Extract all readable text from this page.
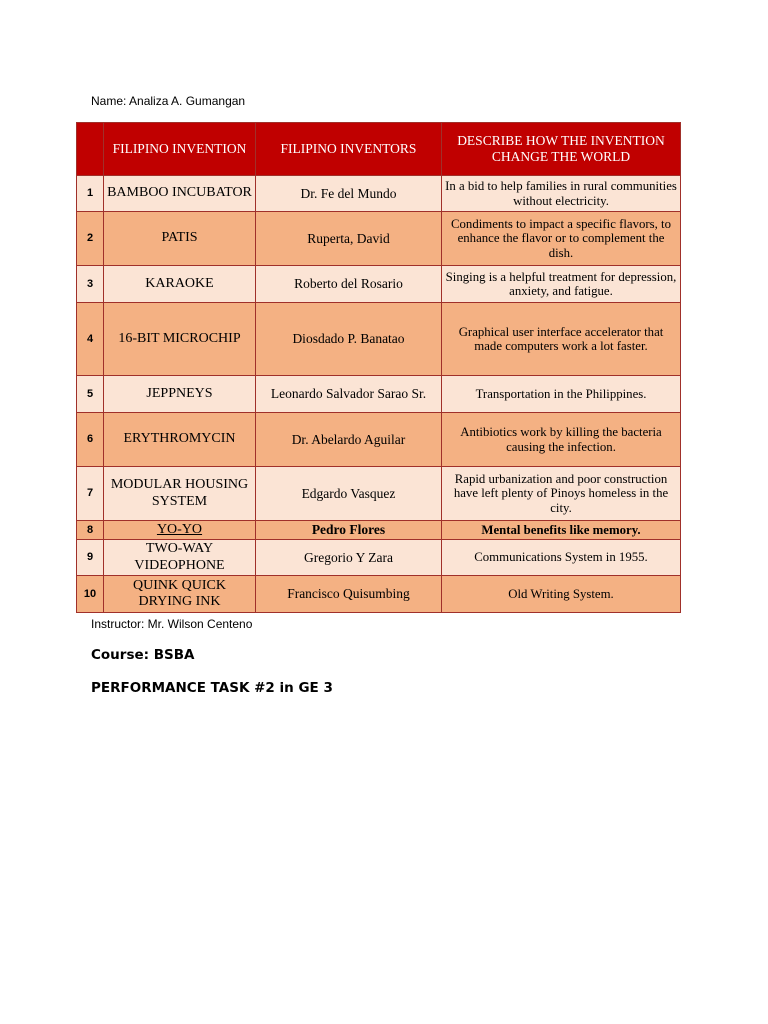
Name: Analiza A. Gumangan
	FILIPINO INVENTION	FILIPINO INVENTORS	DESCRIBE HOW THE INVENTION CHANGE THE WORLD
1	BAMBOO INCUBATOR	Dr. Fe del Mundo	In a bid to help families in rural communities without electricity.
2	PATIS	Ruperta, David	Condiments to impact a specific flavors, to enhance the flavor or to complement the dish.
3	KARAOKE	Roberto del Rosario	Singing is a helpful treatment for depression, anxiety, and fatigue.
4	16-BIT MICROCHIP	Diosdado P. Banatao	Graphical user interface accelerator that made computers work a lot faster.
5	JEPPNEYS	Leonardo Salvador Sarao Sr.	Transportation in the Philippines.
6	ERYTHROMYCIN	Dr. Abelardo Aguilar	Antibiotics work by killing the bacteria causing the infection.
7	MODULAR HOUSING SYSTEM	Edgardo Vasquez	Rapid urbanization and poor construction have left plenty of Pinoys homeless in the city.
8	YO-YO	Pedro Flores	Mental benefits like memory.
9	TWO-WAY VIDEOPHONE	Gregorio Y Zara	Communications System in 1955.
10	QUINK QUICK DRYING INK	Francisco Quisumbing	Old Writing System.
Instructor: Mr. Wilson Centeno
Course: BSBA
PERFORMANCE TASK #2 in GE 3
